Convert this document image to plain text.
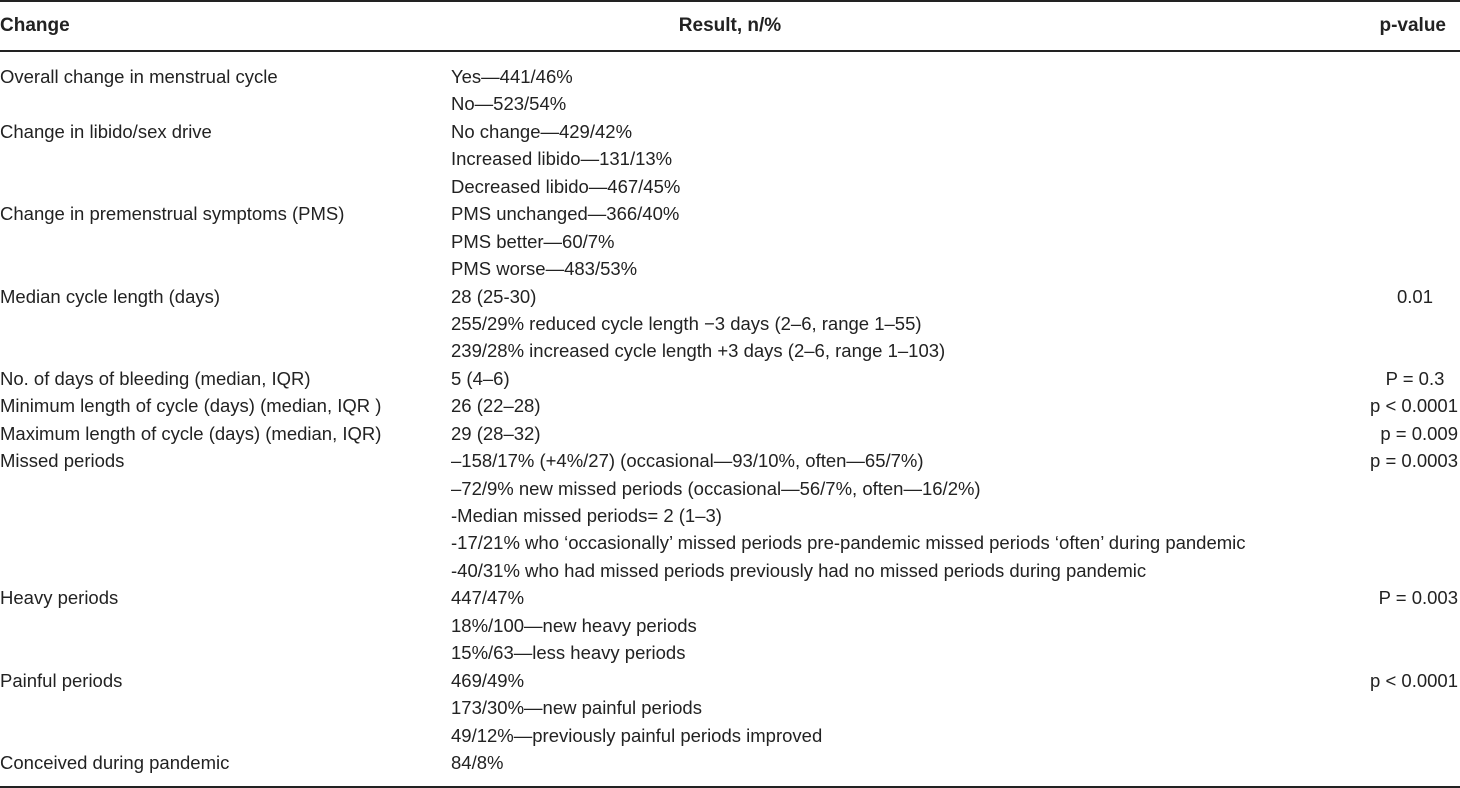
Change	Result, n/%	p-value
Overall change in menstrual cycle	Yes—441/46%
No—523/54%
Change in libido/sex drive	No change—429/42%
Increased libido—131/13%
Decreased libido—467/45%
Change in premenstrual symptoms (PMS)	PMS unchanged—366/40%
PMS better—60/7%
PMS worse—483/53%
Median cycle length (days)	28 (25-30)	0.01
255/29% reduced cycle length −3 days (2–6, range 1–55)
239/28% increased cycle length +3 days (2–6, range 1–103)
No. of days of bleeding (median, IQR)	5 (4–6)	P = 0.3
Minimum length of cycle (days) (median, IQR )	26 (22–28)	p < 0.0001
Maximum length of cycle (days) (median, IQR)	29 (28–32)	p = 0.009
Missed periods	–158/17% (+4%/27) (occasional—93/10%, often—65/7%)	p = 0.0003
–72/9% new missed periods (occasional—56/7%, often—16/2%)
-Median missed periods= 2 (1–3)
-17/21% who ‘occasionally’ missed periods pre-pandemic missed periods ‘often’ during pandemic
-40/31% who had missed periods previously had no missed periods during pandemic
Heavy periods	447/47%	P = 0.003
18%/100—new heavy periods
15%/63—less heavy periods
Painful periods	469/49%	p < 0.0001
173/30%—new painful periods
49/12%—previously painful periods improved
Conceived during pandemic	84/8%
